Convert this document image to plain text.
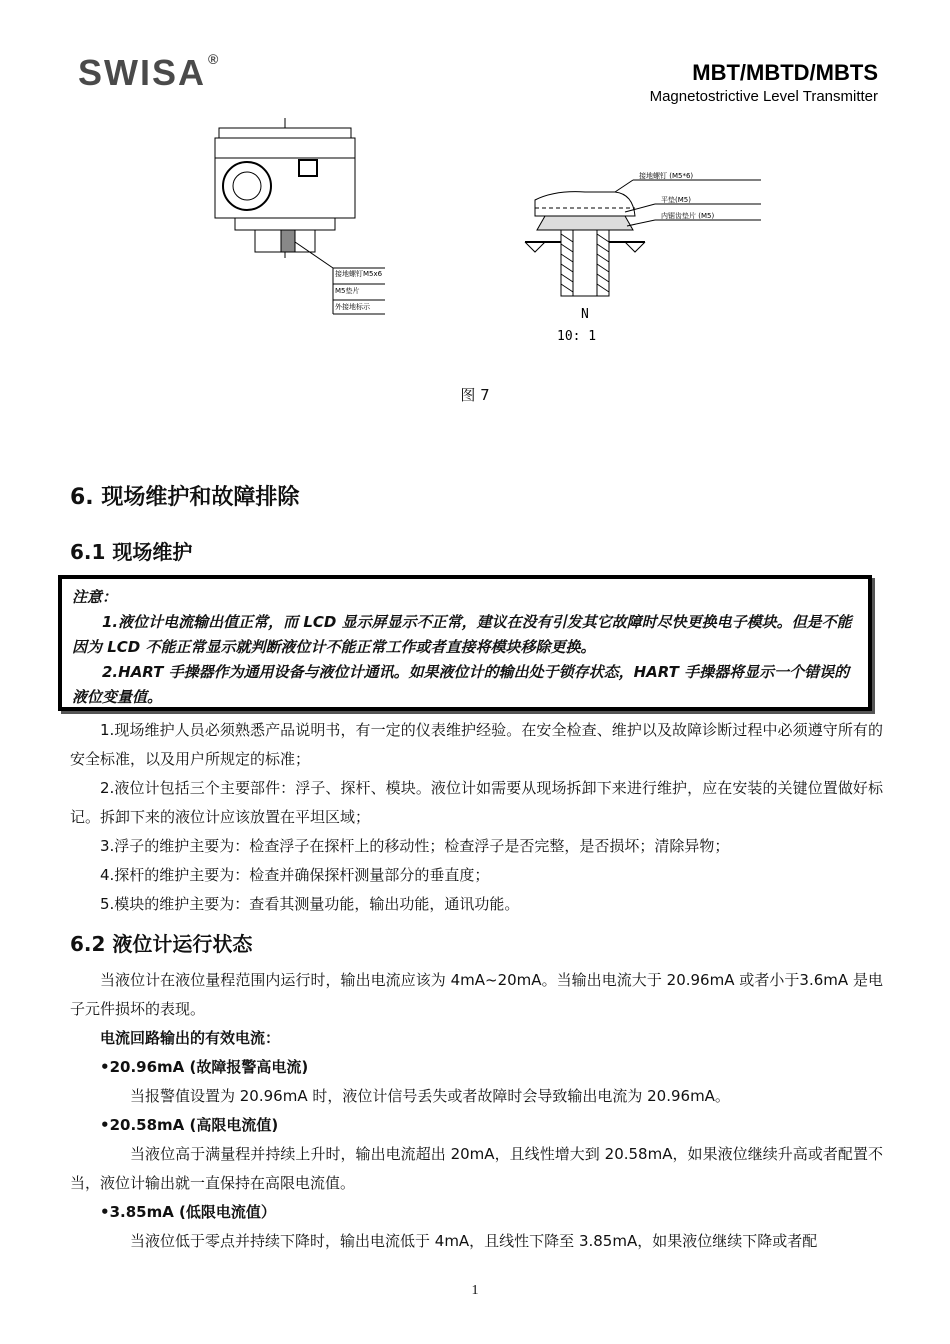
SWISA ®
MBT/MBTD/MBTS
Magnetostrictive Level Transmitter
接地螺钉M5x6
M5垫片
外接地标示
接地螺钉 (M5*6)
平垫(M5)
内锯齿垫片 (M5)
N
10: 1
图 7
6. 现场维护和故障排除
6.1 现场维护

注意：

1.液位计电流输出值正常，而 LCD 显示屏显示不正常，建议在没有引发其它故障时尽快更换电子模块。但是不能因为 LCD 不能正常显示就判断液位计不能正常工作或者直接将模块移除更换。

2.HART 手操器作为通用设备与液位计通讯。如果液位计的输出处于锁存状态，HART 手操器将显示一个错误的液位变量值。

1.现场维护人员必须熟悉产品说明书，有一定的仪表维护经验。在安全检查、维护以及故障诊断过程中必须遵守所有的安全标准，以及用户所规定的标准；

2.液位计包括三个主要部件：浮子、探杆、模块。液位计如需要从现场拆卸下来进行维护，应在安装的关键位置做好标记。拆卸下来的液位计应该放置在平坦区域；

3.浮子的维护主要为：检查浮子在探杆上的移动性；检查浮子是否完整，是否损坏；清除异物；

4.探杆的维护主要为：检查并确保探杆测量部分的垂直度；

5.模块的维护主要为：查看其测量功能，输出功能，通讯功能。

6.2 液位计运行状态

当液位计在液位量程范围内运行时，输出电流应该为 4mA~20mA。当输出电流大于 20.96mA 或者小于3.6mA 是电子元件损坏的表现。

电流回路输出的有效电流：

•20.96mA (故障报警高电流)

当报警值设置为 20.96mA 时，液位计信号丢失或者故障时会导致输出电流为 20.96mA。

•20.58mA (高限电流值)

当液位高于满量程并持续上升时，输出电流超出 20mA，且线性增大到 20.58mA，如果液位继续升高或者配置不当，液位计输出就一直保持在高限电流值。

•3.85mA (低限电流值）

当液位低于零点并持续下降时，输出电流低于 4mA，且线性下降至 3.85mA，如果液位继续下降或者配

1
